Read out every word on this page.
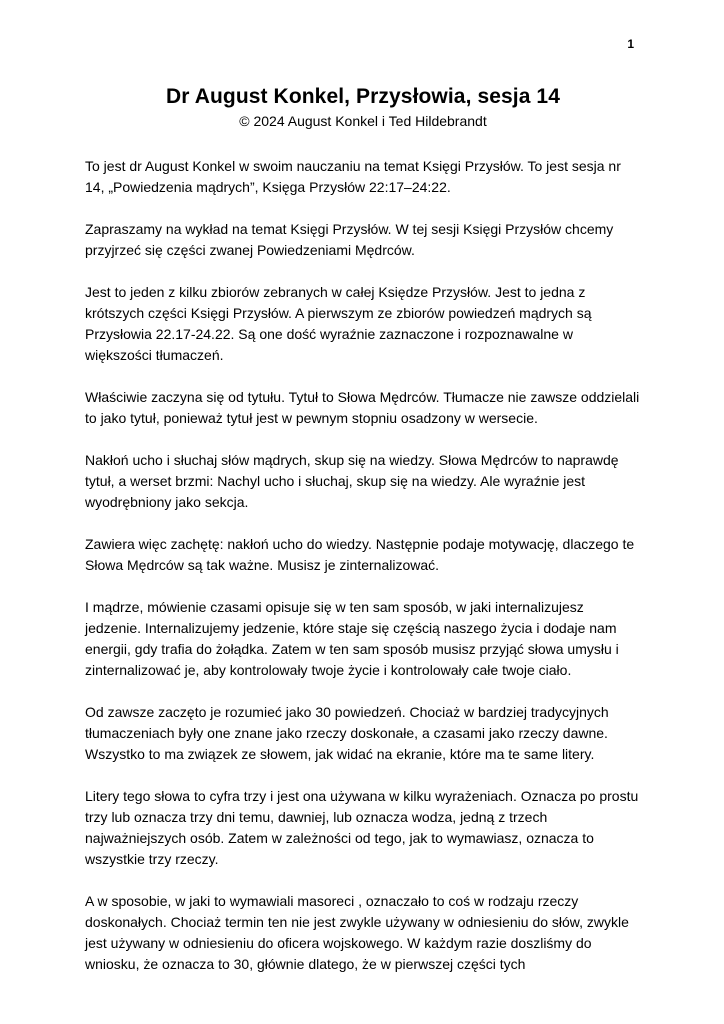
1
Dr August Konkel, Przysłowia, sesja 14
© 2024 August Konkel i Ted Hildebrandt

To jest dr August Konkel w swoim nauczaniu na temat Księgi Przysłów. To jest sesja nr 14, „Powiedzenia mądrych”, Księga Przysłów 22:17–24:22.

Zapraszamy na wykład na temat Księgi Przysłów. W tej sesji Księgi Przysłów chcemy przyjrzeć się części zwanej Powiedzeniami Mędrców.

Jest to jeden z kilku zbiorów zebranych w całej Księdze Przysłów. Jest to jedna z krótszych części Księgi Przysłów. A pierwszym ze zbiorów powiedzeń mądrych są Przysłowia 22.17-24.22. Są one dość wyraźnie zaznaczone i rozpoznawalne w większości tłumaczeń.

Właściwie zaczyna się od tytułu. Tytuł to Słowa Mędrców. Tłumacze nie zawsze oddzielali to jako tytuł, ponieważ tytuł jest w pewnym stopniu osadzony w wersecie.

Nakłoń ucho i słuchaj słów mądrych, skup się na wiedzy. Słowa Mędrców to naprawdę tytuł, a werset brzmi: Nachyl ucho i słuchaj, skup się na wiedzy. Ale wyraźnie jest wyodrębniony jako sekcja.

Zawiera więc zachętę: nakłoń ucho do wiedzy. Następnie podaje motywację, dlaczego te Słowa Mędrców są tak ważne. Musisz je zinternalizować.

I mądrze, mówienie czasami opisuje się w ten sam sposób, w jaki internalizujesz jedzenie. Internalizujemy jedzenie, które staje się częścią naszego życia i dodaje nam energii, gdy trafia do żołądka. Zatem w ten sam sposób musisz przyjąć słowa umysłu i zinternalizować je, aby kontrolowały twoje życie i kontrolowały całe twoje ciało.

Od zawsze zaczęto je rozumieć jako 30 powiedzeń. Chociaż w bardziej tradycyjnych tłumaczeniach były one znane jako rzeczy doskonałe, a czasami jako rzeczy dawne. Wszystko to ma związek ze słowem, jak widać na ekranie, które ma te same litery.

Litery tego słowa to cyfra trzy i jest ona używana w kilku wyrażeniach. Oznacza po prostu trzy lub oznacza trzy dni temu, dawniej, lub oznacza wodza, jedną z trzech najważniejszych osób. Zatem w zależności od tego, jak to wymawiasz, oznacza to wszystkie trzy rzeczy.

A w sposobie, w jaki to wymawiali masoreci , oznaczało to coś w rodzaju rzeczy doskonałych. Chociaż termin ten nie jest zwykle używany w odniesieniu do słów, zwykle jest używany w odniesieniu do oficera wojskowego. W każdym razie doszliśmy do wniosku, że oznacza to 30, głównie dlatego, że w pierwszej części tych
